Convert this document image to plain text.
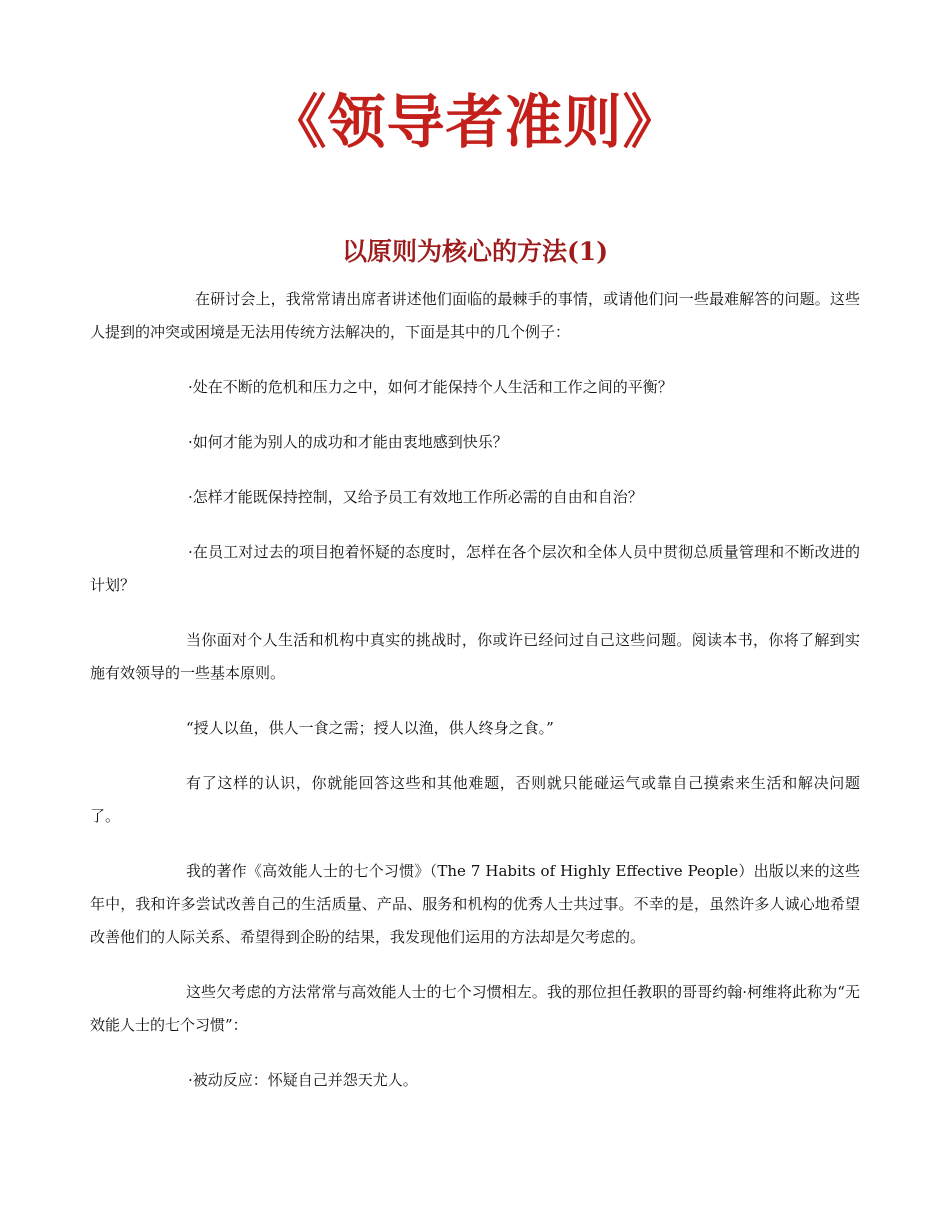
《领导者准则》
以原则为核心的方法(1)

在研讨会上，我常常请出席者讲述他们面临的最棘手的事情，或请他们问一些最难解答的问题。这些人提到的冲突或困境是无法用传统方法解决的，下面是其中的几个例子：

·处在不断的危机和压力之中，如何才能保持个人生活和工作之间的平衡？

·如何才能为别人的成功和才能由衷地感到快乐？

·怎样才能既保持控制，又给予员工有效地工作所必需的自由和自治？

·在员工对过去的项目抱着怀疑的态度时，怎样在各个层次和全体人员中贯彻总质量管理和不断改进的计划？

当你面对个人生活和机构中真实的挑战时，你或许已经问过自己这些问题。阅读本书，你将了解到实施有效领导的一些基本原则。

“授人以鱼，供人一食之需；授人以渔，供人终身之食。”

有了这样的认识，你就能回答这些和其他难题，否则就只能碰运气或靠自己摸索来生活和解决问题了。

我的著作《高效能人士的七个习惯》（The 7 Habits of Highly Effective People）出版以来的这些年中，我和许多尝试改善自己的生活质量、产品、服务和机构的优秀人士共过事。不幸的是，虽然许多人诚心地希望改善他们的人际关系、希望得到企盼的结果，我发现他们运用的方法却是欠考虑的。

这些欠考虑的方法常常与高效能人士的七个习惯相左。我的那位担任教职的哥哥约翰·柯维将此称为“无效能人士的七个习惯”：

·被动反应：怀疑自己并怨天尤人。
